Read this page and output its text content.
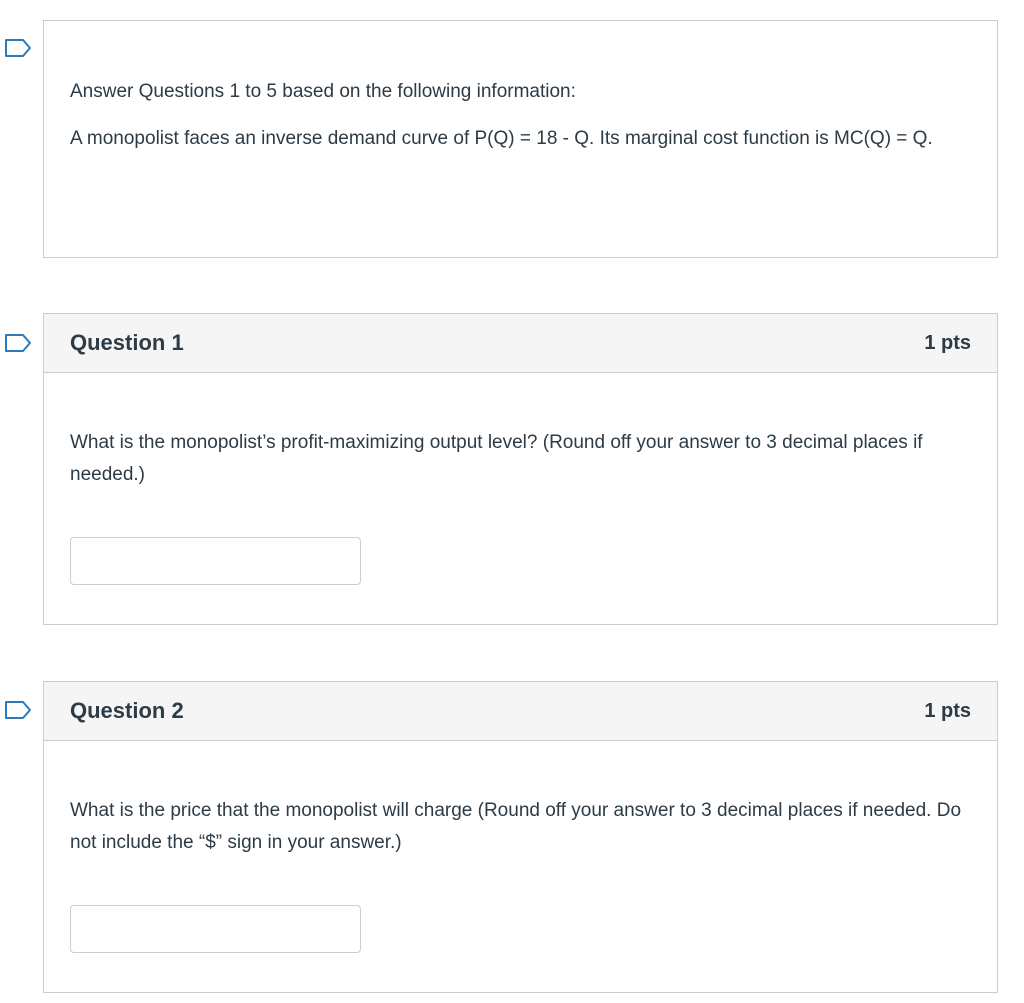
Answer Questions 1 to 5 based on the following information:
A monopolist faces an inverse demand curve of P(Q) = 18 - Q. Its marginal cost function is MC(Q) = Q.
Question 1	1 pts
What is the monopolist’s profit-maximizing output level? (Round off your answer to 3 decimal places if needed.)
Question 2	1 pts
What is the price that the monopolist will charge (Round off your answer to 3 decimal places if needed. Do not include the “$” sign in your answer.)
